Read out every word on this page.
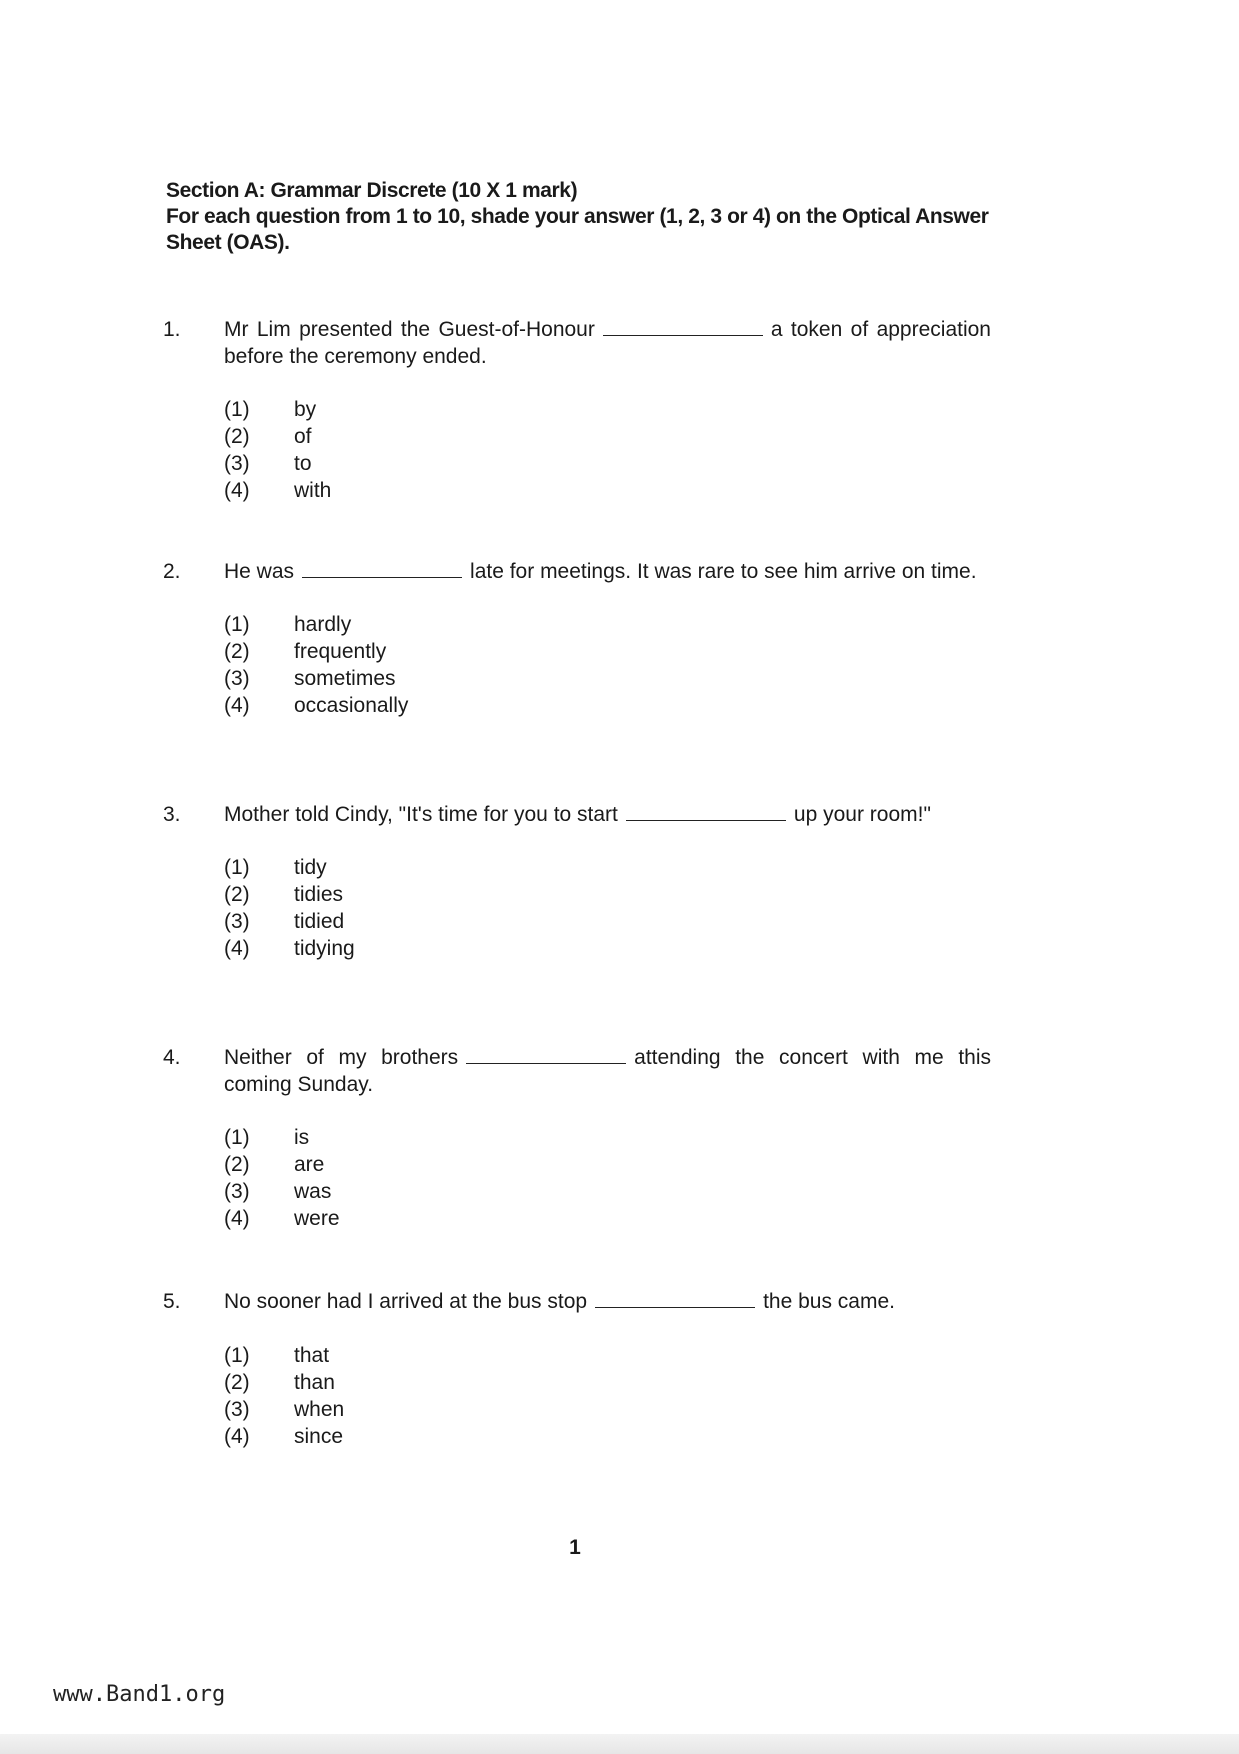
Section A: Grammar Discrete (10 X 1 mark)
For each question from 1 to 10, shade your answer (1, 2, 3 or 4) on the Optical Answer Sheet (OAS).
1. Mr Lim presented the Guest-of-Honour	a token of appreciation before the ceremony ended.
(1)	by
(2)	of
(3)	to
(4)	with
2. He was	late for meetings. It was rare to see him arrive on time.
(1)	hardly
(2)	frequently
(3)	sometimes
(4)	occasionally
3. Mother told Cindy, "It's time for you to start	up your room!"
(1)	tidy
(2)	tidies
(3)	tidied
(4)	tidying
4. Neither of my brothers	attending the concert with me this coming Sunday.
(1)	is
(2)	are
(3)	was
(4)	were
5. No sooner had I arrived at the bus stop	the bus came.
(1)	that
(2)	than
(3)	when
(4)	since
1
www.Band1.org
